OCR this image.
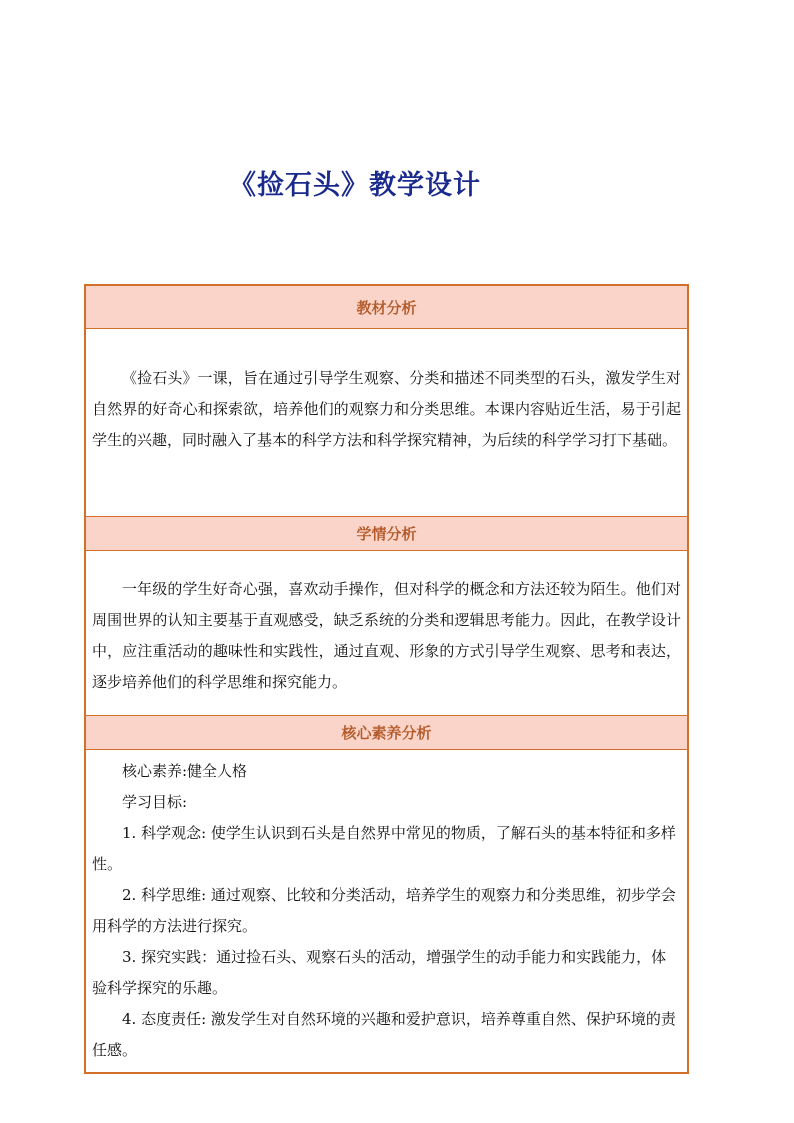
《捡石头》教学设计
教材分析

《捡石头》一课，旨在通过引导学生观察、分类和描述不同类型的石头，激发学生对自然界的好奇心和探索欲，培养他们的观察力和分类思维。本课内容贴近生活，易于引起学生的兴趣，同时融入了基本的科学方法和科学探究精神，为后续的科学学习打下基础。

学情分析

一年级的学生好奇心强，喜欢动手操作，但对科学的概念和方法还较为陌生。他们对周围世界的认知主要基于直观感受，缺乏系统的分类和逻辑思考能力。因此，在教学设计中，应注重活动的趣味性和实践性，通过直观、形象的方式引导学生观察、思考和表达，逐步培养他们的科学思维和探究能力。

核心素养分析

核心素养:健全人格

学习目标:

1. 科学观念: 使学生认识到石头是自然界中常见的物质，了解石头的基本特征和多样性。

2. 科学思维: 通过观察、比较和分类活动，培养学生的观察力和分类思维，初步学会用科学的方法进行探究。

3. 探究实践：通过捡石头、观察石头的活动，增强学生的动手能力和实践能力，体验科学探究的乐趣。

4. 态度责任: 激发学生对自然环境的兴趣和爱护意识，培养尊重自然、保护环境的责任感。
